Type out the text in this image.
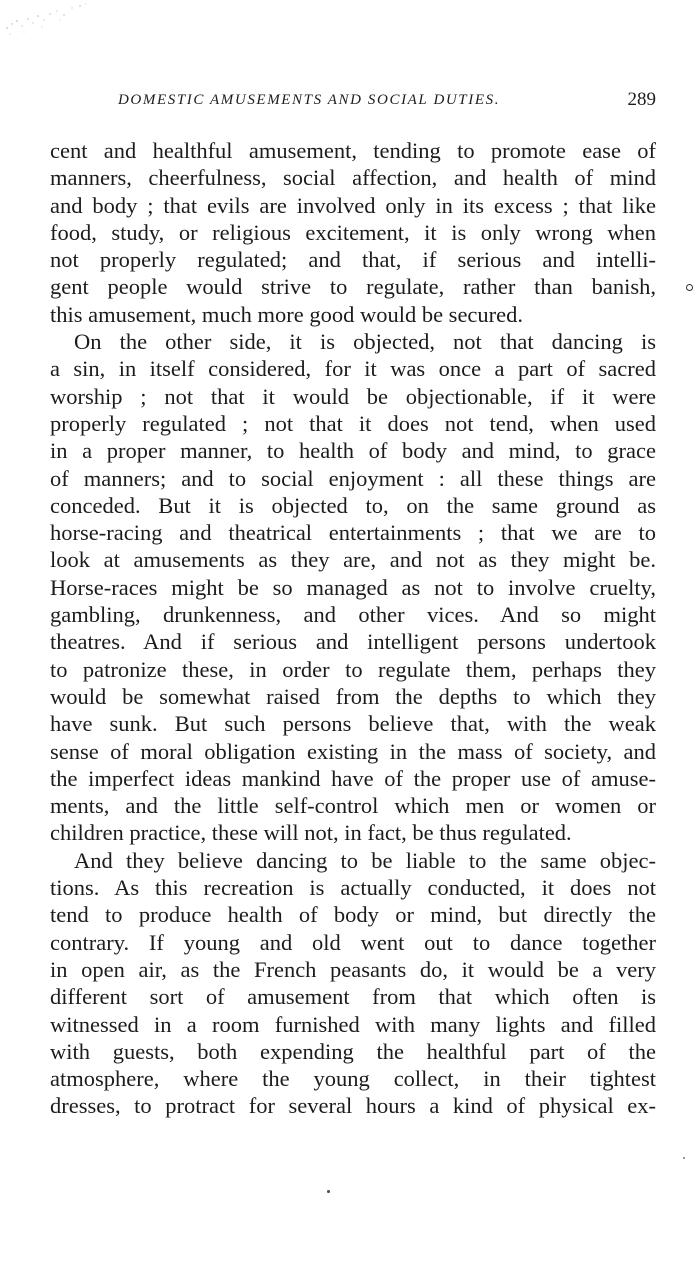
DOMESTIC AMUSEMENTS AND SOCIAL DUTIES.	289
cent and healthful amusement, tending to promote ease of
manners, cheerfulness, social affection, and health of mind
and body ; that evils are involved only in its excess ; that like
food, study, or religious excitement, it is only wrong when
not properly regulated; and that, if serious and intelli-
gent people would strive to regulate, rather than banish,
this amusement, much more good would be secured.
On the other side, it is objected, not that dancing is
a sin, in itself considered, for it was once a part of sacred
worship ; not that it would be objectionable, if it were
properly regulated ; not that it does not tend, when used
in a proper manner, to health of body and mind, to grace
of manners; and to social enjoyment : all these things are
conceded. But it is objected to, on the same ground as
horse-racing and theatrical entertainments ; that we are to
look at amusements as they are, and not as they might be.
Horse-races might be so managed as not to involve cruelty,
gambling, drunkenness, and other vices. And so might
theatres. And if serious and intelligent persons undertook
to patronize these, in order to regulate them, perhaps they
would be somewhat raised from the depths to which they
have sunk. But such persons believe that, with the weak
sense of moral obligation existing in the mass of society, and
the imperfect ideas mankind have of the proper use of amuse-
ments, and the little self-control which men or women or
children practice, these will not, in fact, be thus regulated.
And they believe dancing to be liable to the same objec-
tions. As this recreation is actually conducted, it does not
tend to produce health of body or mind, but directly the
contrary. If young and old went out to dance together
in open air, as the French peasants do, it would be a very
different sort of amusement from that which often is
witnessed in a room furnished with many lights and filled
with guests, both expending the healthful part of the
atmosphere, where the young collect, in their tightest
dresses, to protract for several hours a kind of physical ex-
